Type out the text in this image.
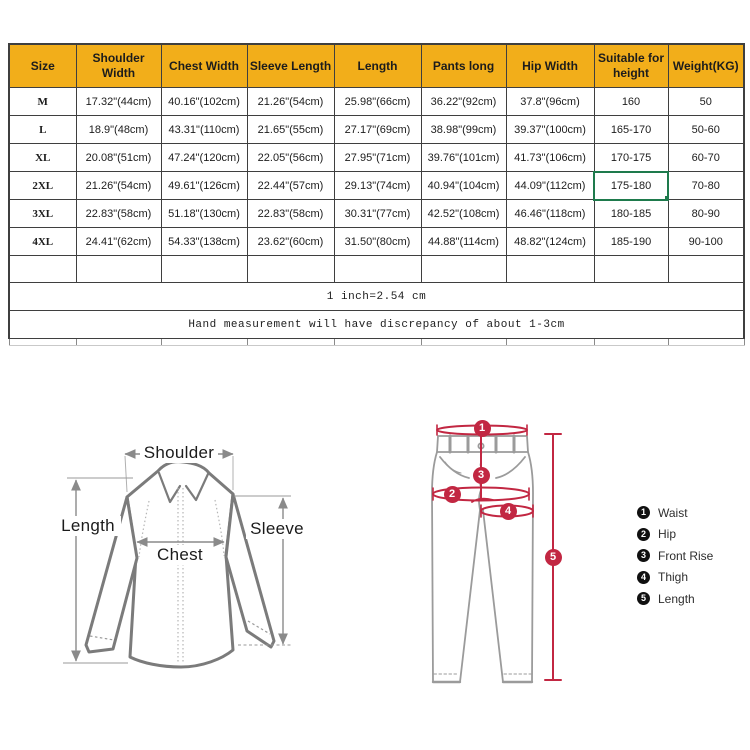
Size	Shoulder Width	Chest Width	Sleeve Length	Length	Pants long	Hip Width	Suitable for height	Weight(KG)
M	17.32"(44cm)	40.16"(102cm)	21.26"(54cm)	25.98"(66cm)	36.22"(92cm)	37.8"(96cm)	160	50
L	18.9"(48cm)	43.31"(110cm)	21.65"(55cm)	27.17"(69cm)	38.98"(99cm)	39.37"(100cm)	165-170	50-60
XL	20.08"(51cm)	47.24"(120cm)	22.05"(56cm)	27.95"(71cm)	39.76"(101cm)	41.73"(106cm)	170-175	60-70
2XL	21.26"(54cm)	49.61"(126cm)	22.44"(57cm)	29.13"(74cm)	40.94"(104cm)	44.09"(112cm)	175-180	70-80
3XL	22.83"(58cm)	51.18"(130cm)	22.83"(58cm)	30.31"(77cm)	42.52"(108cm)	46.46"(118cm)	180-185	80-90
4XL	24.41"(62cm)	54.33"(138cm)	23.62"(60cm)	31.50"(80cm)	44.88"(114cm)	48.82"(124cm)	185-190	90-100

1 inch=2.54 cm								
Hand measurement will have discrepancy of about 1-3cm								

Shoulder
Length	Sleeve
Chest
1
2
3
4
5
1	Waist
2	Hip
3	Front Rise
4	Thigh
5	Length
